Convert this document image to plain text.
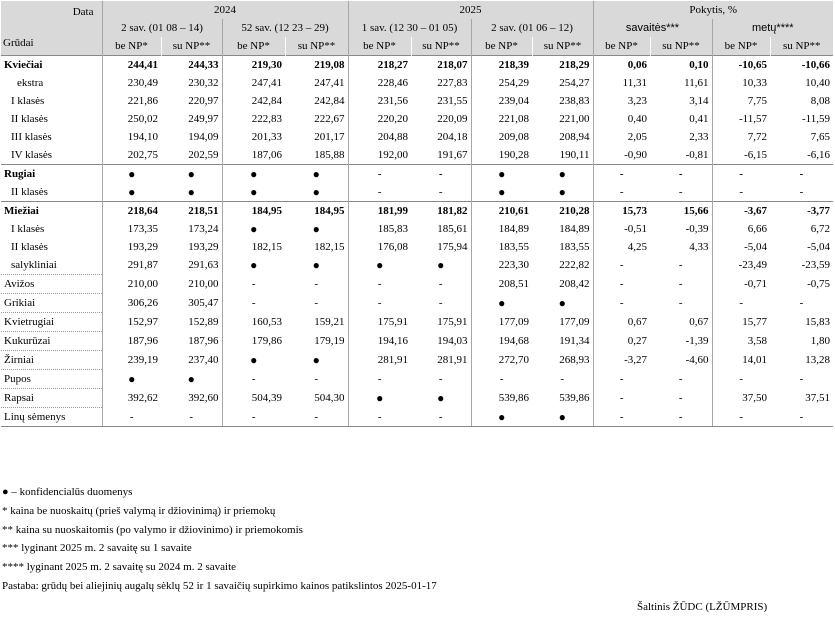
Data
Grūdai	2024				2025				Pokytis, %			
	2 sav. (01 08 – 14)		52 sav. (12 23 – 29)		1 sav. (12 30 – 01 05)		2 sav. (01 06 – 12)		savaitės***		metų****	
	be NP*	su NP**	be NP*	su NP**	be NP*	su NP**	be NP*	su NP**	be NP*	su NP**	be NP*	su NP**
Kviečiai	244,41	244,33	219,30	219,08	218,27	218,07	218,39	218,29	0,06	0,10	-10,65	-10,66
ekstra	230,49	230,32	247,41	247,41	228,46	227,83	254,29	254,27	11,31	11,61	10,33	10,40
I klasės	221,86	220,97	242,84	242,84	231,56	231,55	239,04	238,83	3,23	3,14	7,75	8,08
II klasės	250,02	249,97	222,83	222,67	220,20	220,09	221,08	221,00	0,40	0,41	-11,57	-11,59
III klasės	194,10	194,09	201,33	201,17	204,88	204,18	209,08	208,94	2,05	2,33	7,72	7,65
IV klasės	202,75	202,59	187,06	185,88	192,00	191,67	190,28	190,11	-0,90	-0,81	-6,15	-6,16
Rugiai	●	●	●	●	-	-	●	●	-	-	-	-
II klasės	●	●	●	●	-	-	●	●	-	-	-	-
Miežiai	218,64	218,51	184,95	184,95	181,99	181,82	210,61	210,28	15,73	15,66	-3,67	-3,77
I klasės	173,35	173,24	●	●	185,83	185,61	184,89	184,89	-0,51	-0,39	6,66	6,72
II klasės	193,29	193,29	182,15	182,15	176,08	175,94	183,55	183,55	4,25	4,33	-5,04	-5,04
salykliniai	291,87	291,63	●	●	●	●	223,30	222,82	-	-	-23,49	-23,59
Avižos	210,00	210,00	-	-	-	-	208,51	208,42	-	-	-0,71	-0,75
Grikiai	306,26	305,47	-	-	-	-	●	●	-	-	-	-
Kvietrugiai	152,97	152,89	160,53	159,21	175,91	175,91	177,09	177,09	0,67	0,67	15,77	15,83
Kukurūzai	187,96	187,96	179,86	179,19	194,16	194,03	194,68	191,34	0,27	-1,39	3,58	1,80
Žirniai	239,19	237,40	●	●	281,91	281,91	272,70	268,93	-3,27	-4,60	14,01	13,28
Pupos	●	●	-	-	-	-	-	-	-	-	-	-
Rapsai	392,62	392,60	504,39	504,30	●	●	539,86	539,86	-	-	37,50	37,51
Linų sėmenys	-	-	-	-	-	-	●	●	-	-	-	-
● – konfidencialūs duomenys
* kaina be nuoskaitų (prieš valymą ir džiovinimą) ir priemokų
** kaina su nuoskaitomis (po valymo ir džiovinimo) ir priemokomis
*** lyginant 2025 m. 2 savaitę su 1 savaite
**** lyginant 2025 m. 2 savaitę su 2024 m. 2 savaite
Pastaba: grūdų bei aliejinių augalų sėklų 52 ir 1 savaičių supirkimo kainos patikslintos 2025-01-17
Šaltinis ŽŪDC (LŽŪMPRIS)
